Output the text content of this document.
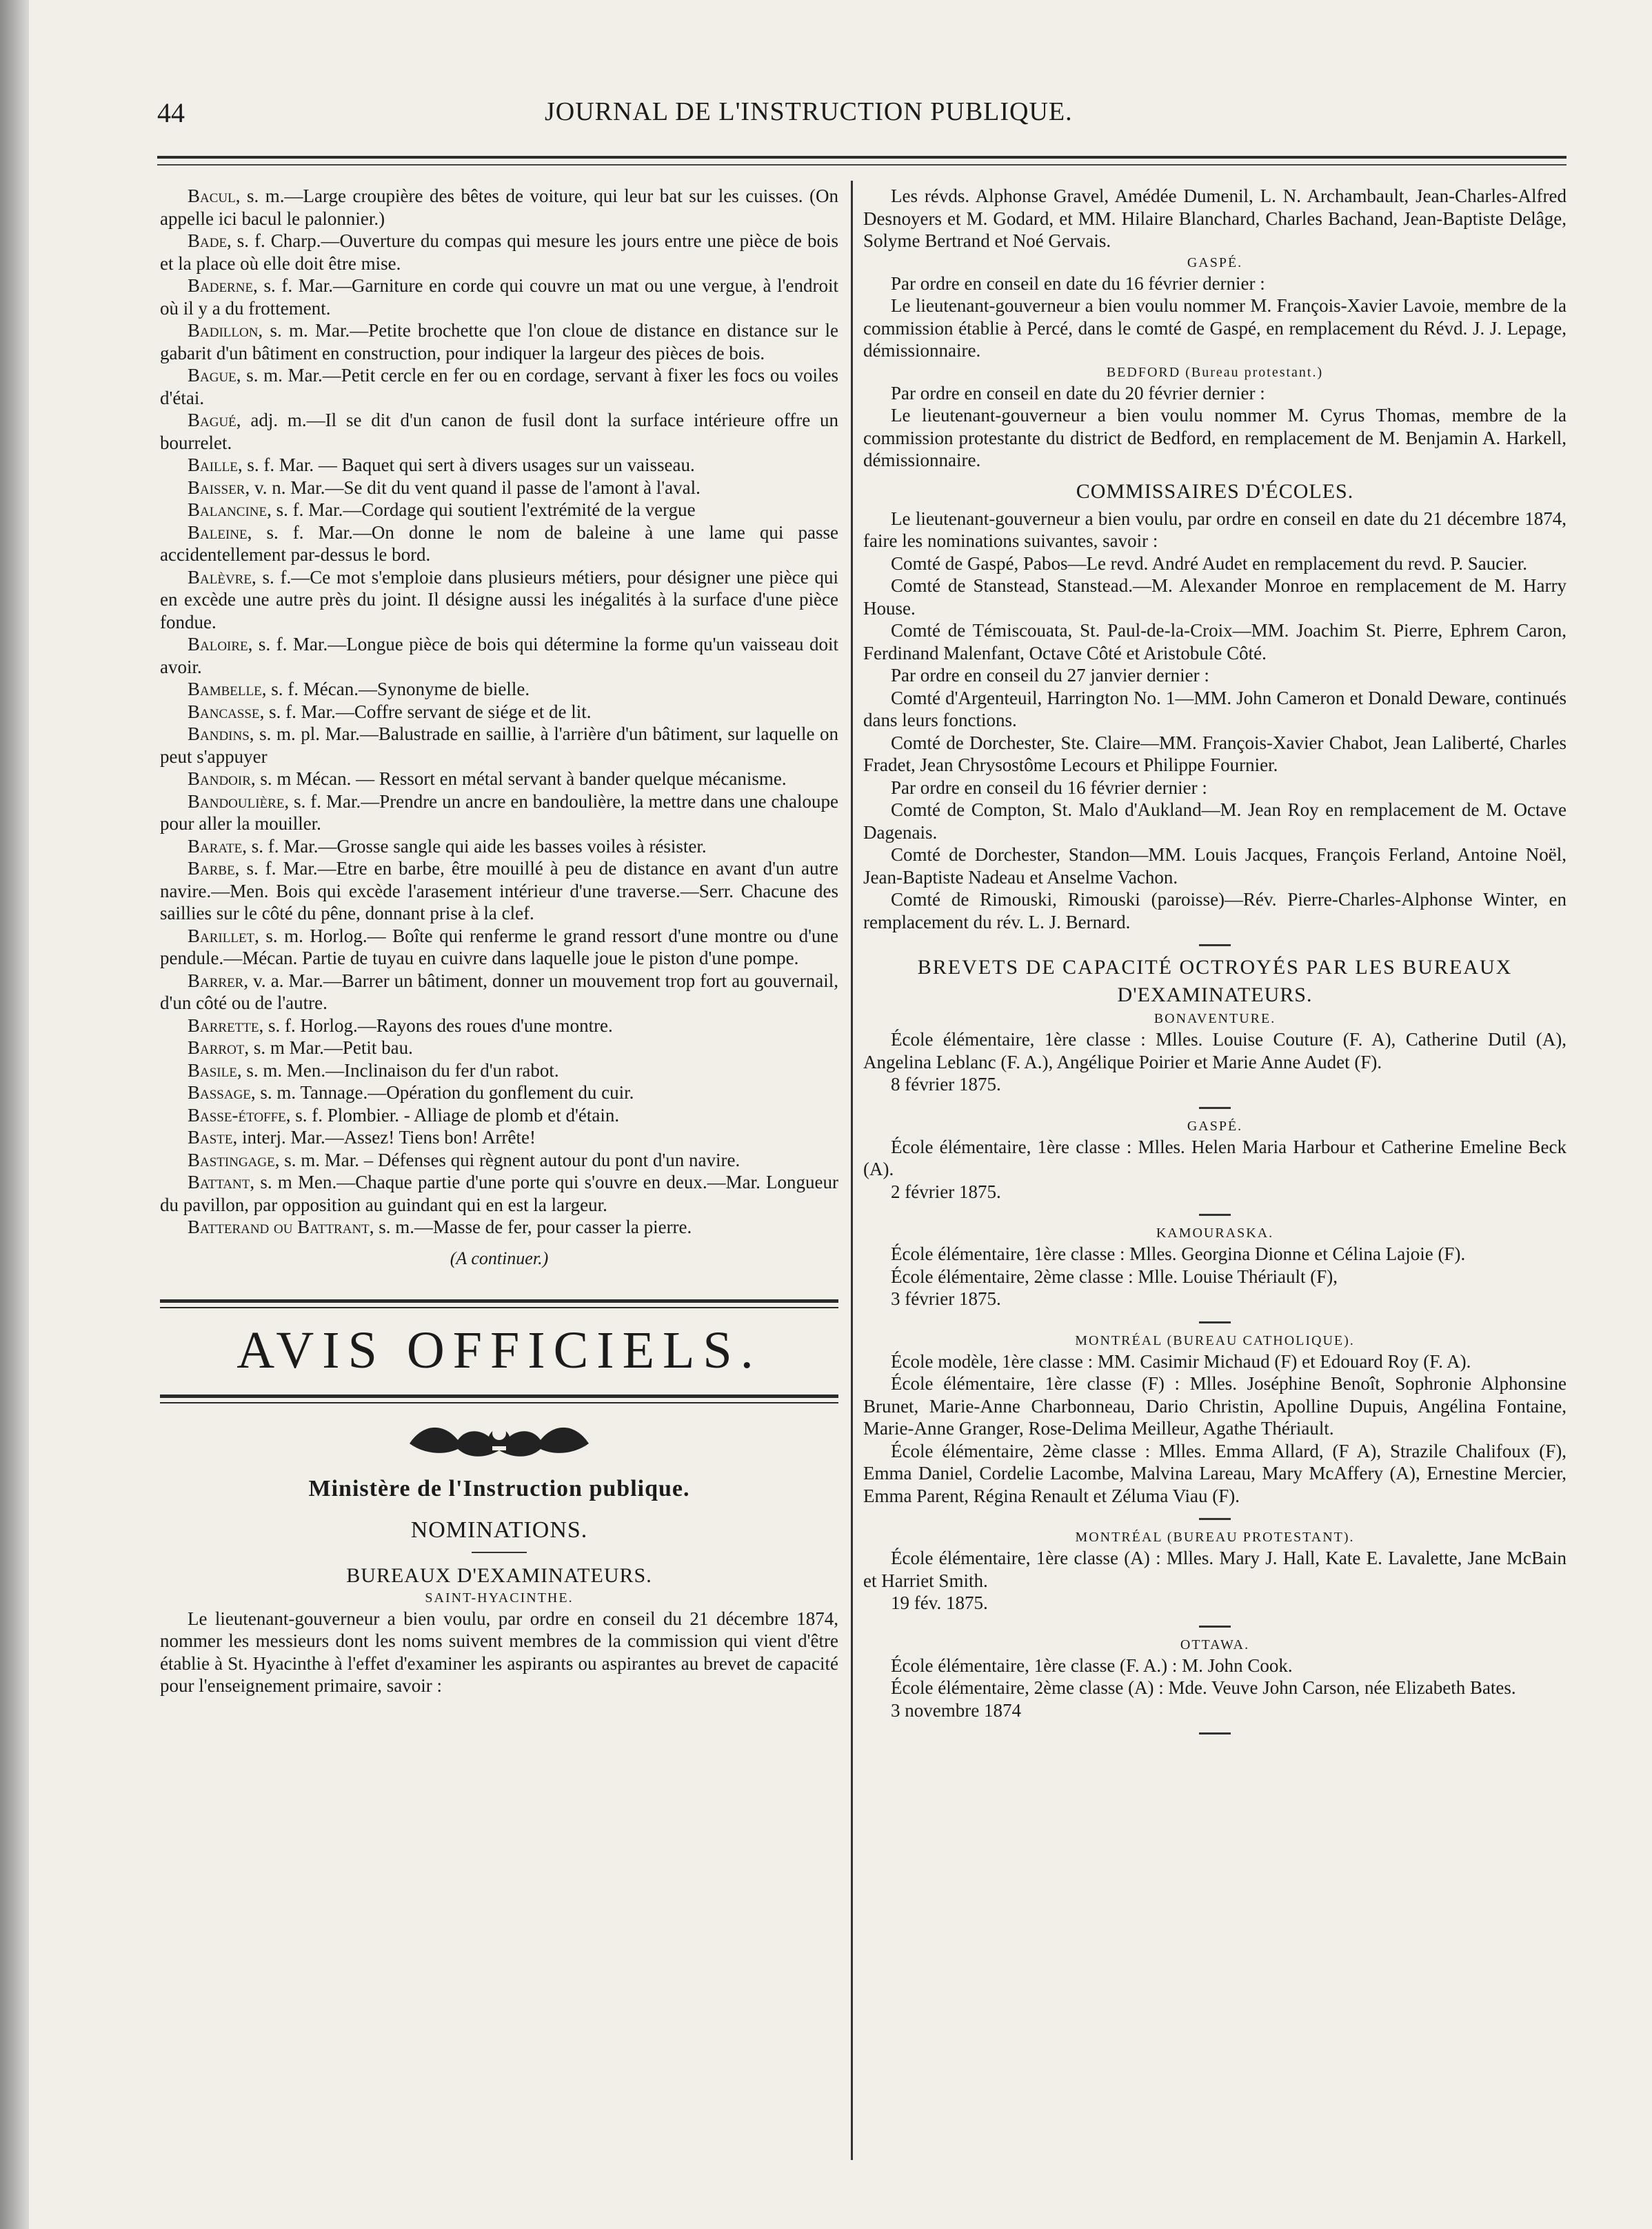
44	JOURNAL DE L'INSTRUCTION PUBLIQUE.

Bacul, s. m.—Large croupière des bêtes de voiture, qui leur bat sur les cuisses. (On appelle ici bacul le palonnier.)

Bade, s. f. Charp.—Ouverture du compas qui mesure les jours entre une pièce de bois et la place où elle doit être mise.

Baderne, s. f. Mar.—Garniture en corde qui couvre un mat ou une vergue, à l'endroit où il y a du frottement.

Badillon, s. m. Mar.—Petite brochette que l'on cloue de distance en distance sur le gabarit d'un bâtiment en construction, pour indiquer la largeur des pièces de bois.

Bague, s. m. Mar.—Petit cercle en fer ou en cordage, servant à fixer les focs ou voiles d'étai.

Bagué, adj. m.—Il se dit d'un canon de fusil dont la surface intérieure offre un bourrelet.

Baille, s. f. Mar. — Baquet qui sert à divers usages sur un vaisseau.

Baisser, v. n. Mar.—Se dit du vent quand il passe de l'amont à l'aval.

Balancine, s. f. Mar.—Cordage qui soutient l'extrémité de la vergue

Baleine, s. f. Mar.—On donne le nom de baleine à une lame qui passe accidentellement par-dessus le bord.

Balèvre, s. f.—Ce mot s'emploie dans plusieurs métiers, pour désigner une pièce qui en excède une autre près du joint. Il désigne aussi les inégalités à la surface d'une pièce fondue.

Baloire, s. f. Mar.—Longue pièce de bois qui détermine la forme qu'un vaisseau doit avoir.

Bambelle, s. f. Mécan.—Synonyme de bielle.

Bancasse, s. f. Mar.—Coffre servant de siége et de lit.

Bandins, s. m. pl. Mar.—Balustrade en saillie, à l'arrière d'un bâtiment, sur laquelle on peut s'appuyer

Bandoir, s. m Mécan. — Ressort en métal servant à bander quelque mécanisme.

Bandoulière, s. f. Mar.—Prendre un ancre en bandoulière, la mettre dans une chaloupe pour aller la mouiller.

Barate, s. f. Mar.—Grosse sangle qui aide les basses voiles à résister.

Barbe, s. f. Mar.—Etre en barbe, être mouillé à peu de distance en avant d'un autre navire.—Men. Bois qui excède l'arasement intérieur d'une traverse.—Serr. Chacune des saillies sur le côté du pêne, donnant prise à la clef.

Barillet, s. m. Horlog.— Boîte qui renferme le grand ressort d'une montre ou d'une pendule.—Mécan. Partie de tuyau en cuivre dans laquelle joue le piston d'une pompe.

Barrer, v. a. Mar.—Barrer un bâtiment, donner un mouvement trop fort au gouvernail, d'un côté ou de l'autre.

Barrette, s. f. Horlog.—Rayons des roues d'une montre.

Barrot, s. m Mar.—Petit bau.

Basile, s. m. Men.—Inclinaison du fer d'un rabot.

Bassage, s. m. Tannage.—Opération du gonflement du cuir.

Basse-étoffe, s. f. Plombier. - Alliage de plomb et d'étain.

Baste, interj. Mar.—Assez! Tiens bon! Arrête!

Bastingage, s. m. Mar. – Défenses qui règnent autour du pont d'un navire.

Battant, s. m Men.—Chaque partie d'une porte qui s'ouvre en deux.—Mar. Longueur du pavillon, par opposition au guindant qui en est la largeur.

Batterand ou Battrant, s. m.—Masse de fer, pour casser la pierre.

(A continuer.)
AVIS OFFICIELS.
Ministère de l'Instruction publique.
NOMINATIONS.
BUREAUX D'EXAMINATEURS.
SAINT-HYACINTHE.

Le lieutenant-gouverneur a bien voulu, par ordre en conseil du 21 décembre 1874, nommer les messieurs dont les noms suivent membres de la commission qui vient d'être établie à St. Hyacinthe à l'effet d'examiner les aspirants ou aspirantes au brevet de capacité pour l'enseignement primaire, savoir :

Les révds. Alphonse Gravel, Amédée Dumenil, L. N. Archambault, Jean-Charles-Alfred Desnoyers et M. Godard, et MM. Hilaire Blanchard, Charles Bachand, Jean-Baptiste Delâge, Solyme Bertrand et Noé Gervais.

GASPÉ.

Par ordre en conseil en date du 16 février dernier :

Le lieutenant-gouverneur a bien voulu nommer M. François-Xavier Lavoie, membre de la commission établie à Percé, dans le comté de Gaspé, en remplacement du Révd. J. J. Lepage, démissionnaire.

BEDFORD (Bureau protestant.)

Par ordre en conseil en date du 20 février dernier :

Le lieutenant-gouverneur a bien voulu nommer M. Cyrus Thomas, membre de la commission protestante du district de Bedford, en remplacement de M. Benjamin A. Harkell, démissionnaire.

COMMISSAIRES D'ÉCOLES.

Le lieutenant-gouverneur a bien voulu, par ordre en conseil en date du 21 décembre 1874, faire les nominations suivantes, savoir :

Comté de Gaspé, Pabos—Le revd. André Audet en remplacement du revd. P. Saucier.

Comté de Stanstead, Stanstead.—M. Alexander Monroe en remplacement de M. Harry House.

Comté de Témiscouata, St. Paul-de-la-Croix—MM. Joachim St. Pierre, Ephrem Caron, Ferdinand Malenfant, Octave Côté et Aristobule Côté.

Par ordre en conseil du 27 janvier dernier :

Comté d'Argenteuil, Harrington No. 1—MM. John Cameron et Donald Deware, continués dans leurs fonctions.

Comté de Dorchester, Ste. Claire—MM. François-Xavier Chabot, Jean Laliberté, Charles Fradet, Jean Chrysostôme Lecours et Philippe Fournier.

Par ordre en conseil du 16 février dernier :

Comté de Compton, St. Malo d'Aukland—M. Jean Roy en remplacement de M. Octave Dagenais.

Comté de Dorchester, Standon—MM. Louis Jacques, François Ferland, Antoine Noël, Jean-Baptiste Nadeau et Anselme Vachon.

Comté de Rimouski, Rimouski (paroisse)—Rév. Pierre-Charles-Alphonse Winter, en remplacement du rév. L. J. Bernard.

BREVETS DE CAPACITÉ OCTROYÉS PAR LES BUREAUX
D'EXAMINATEURS.
BONAVENTURE.

École élémentaire, 1ère classe : Mlles. Louise Couture (F. A), Catherine Dutil (A), Angelina Leblanc (F. A.), Angélique Poirier et Marie Anne Audet (F).

8 février 1875.

GASPÉ.

École élémentaire, 1ère classe : Mlles. Helen Maria Harbour et Catherine Emeline Beck (A).

2 février 1875.

KAMOURASKA.

École élémentaire, 1ère classe : Mlles. Georgina Dionne et Célina Lajoie (F).

École élémentaire, 2ème classe : Mlle. Louise Thériault (F),

3 février 1875.

MONTRÉAL (BUREAU CATHOLIQUE).

École modèle, 1ère classe : MM. Casimir Michaud (F) et Edouard Roy (F. A).

École élémentaire, 1ère classe (F) : Mlles. Joséphine Benoît, Sophronie Alphonsine Brunet, Marie-Anne Charbonneau, Dario Christin, Apolline Dupuis, Angélina Fontaine, Marie-Anne Granger, Rose-Delima Meilleur, Agathe Thériault.

École élémentaire, 2ème classe : Mlles. Emma Allard, (F A), Strazile Chalifoux (F), Emma Daniel, Cordelie Lacombe, Malvina Lareau, Mary McAffery (A), Ernestine Mercier, Emma Parent, Régina Renault et Zéluma Viau (F).

MONTRÉAL (BUREAU PROTESTANT).

École élémentaire, 1ère classe (A) : Mlles. Mary J. Hall, Kate E. Lavalette, Jane McBain et Harriet Smith.

19 fév. 1875.

OTTAWA.

École élémentaire, 1ère classe (F. A.) : M. John Cook.

École élémentaire, 2ème classe (A) : Mde. Veuve John Carson, née Elizabeth Bates.

3 novembre 1874
